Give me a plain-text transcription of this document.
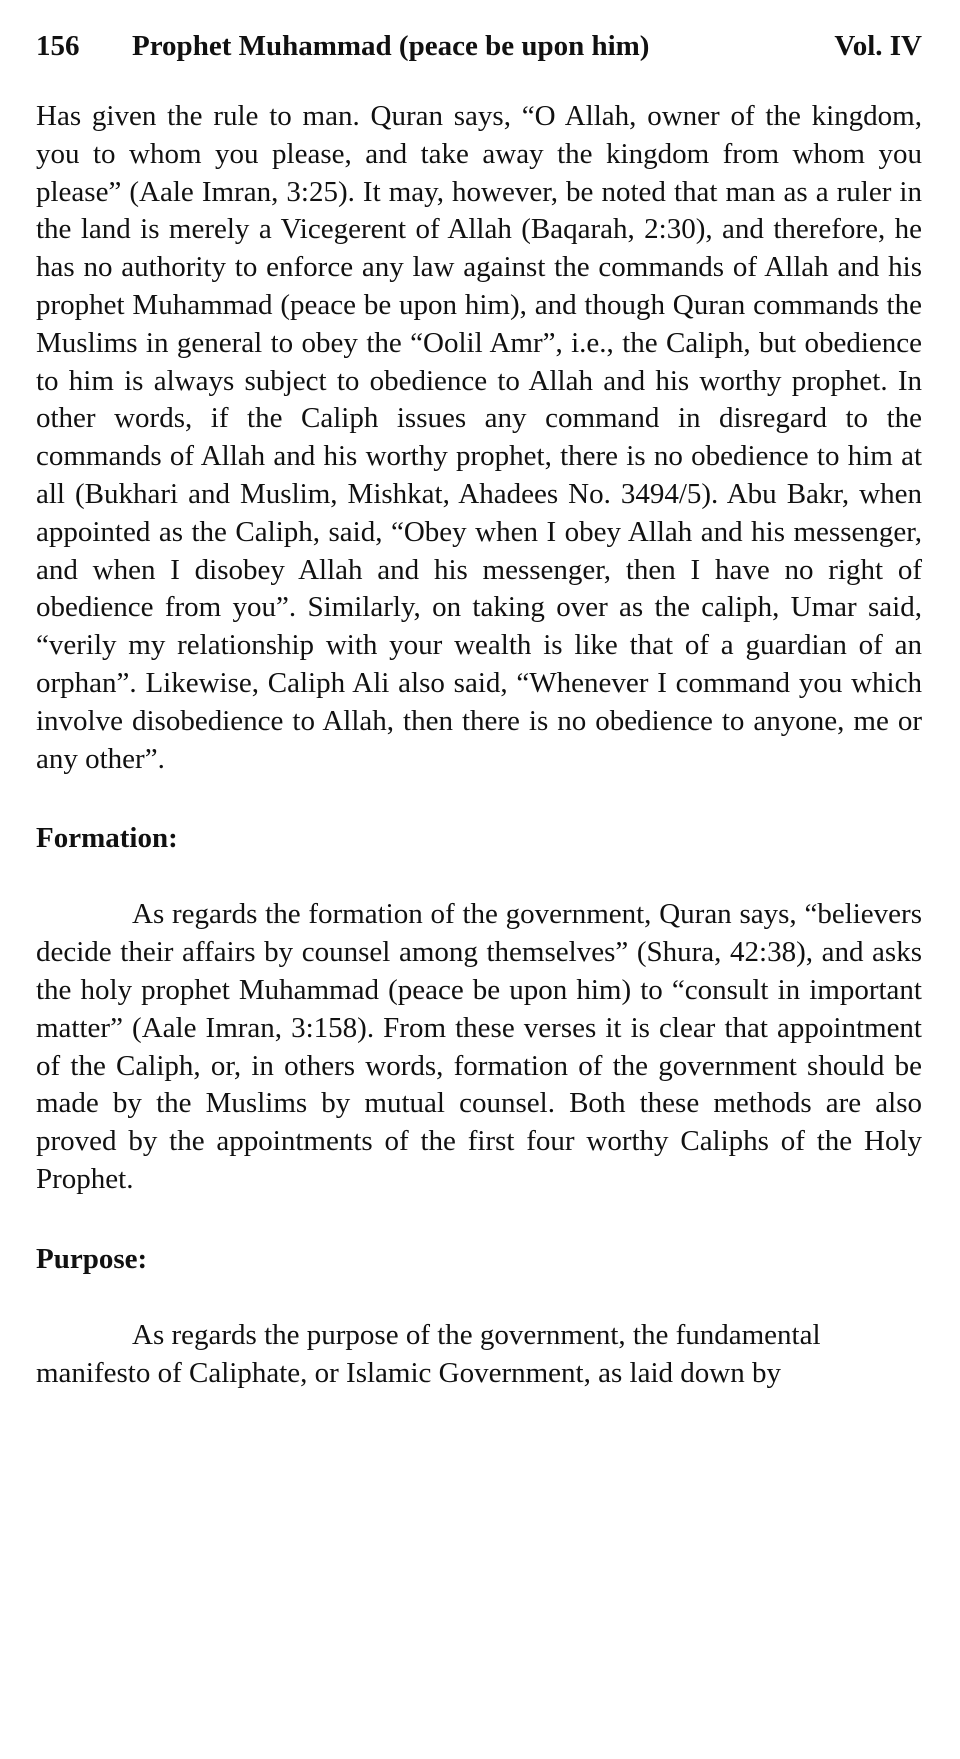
156	Prophet Muhammad (peace be upon him)	Vol. IV

Has given the rule to man. Quran says, “O Allah, owner of the kingdom, you to whom you please, and take away the kingdom from whom you please” (Aale Imran, 3:25). It may, however, be noted that man as a ruler in the land is merely a Vicegerent of Allah (Baqarah, 2:30), and therefore, he has no authority to enforce any law against the commands of Allah and his prophet Muhammad (peace be upon him), and though Quran commands the Muslims in general to obey the “Oolil Amr”, i.e., the Caliph, but obedience to him is always subject to obedience to Allah and his worthy prophet. In other words, if the Caliph issues any command in disregard to the commands of Allah and his worthy prophet, there is no obedience to him at all (Bukhari and Muslim, Mishkat, Ahadees No. 3494/5). Abu Bakr, when appointed as the Caliph, said, “Obey when I obey Allah and his messenger, and when I disobey Allah and his messenger, then I have no right of obedience from you”. Similarly, on taking over as the caliph, Umar said, “verily my relationship with your wealth is like that of a guardian of an orphan”. Likewise, Caliph Ali also said, “Whenever I command you which involve disobedience to Allah, then there is no obedience to anyone, me or any other”.

Formation:

As regards the formation of the government, Quran says, “believers decide their affairs by counsel among themselves” (Shura, 42:38), and asks the holy prophet Muhammad (peace be upon him) to “consult in important matter” (Aale Imran, 3:158). From these verses it is clear that appointment of the Caliph, or, in others words, formation of the government should be made by the Muslims by mutual counsel. Both these methods are also proved by the appointments of the first four worthy Caliphs of the Holy Prophet.

Purpose:

As regards the purpose of the government, the fundamental manifesto of Caliphate, or Islamic Government, as laid down by
